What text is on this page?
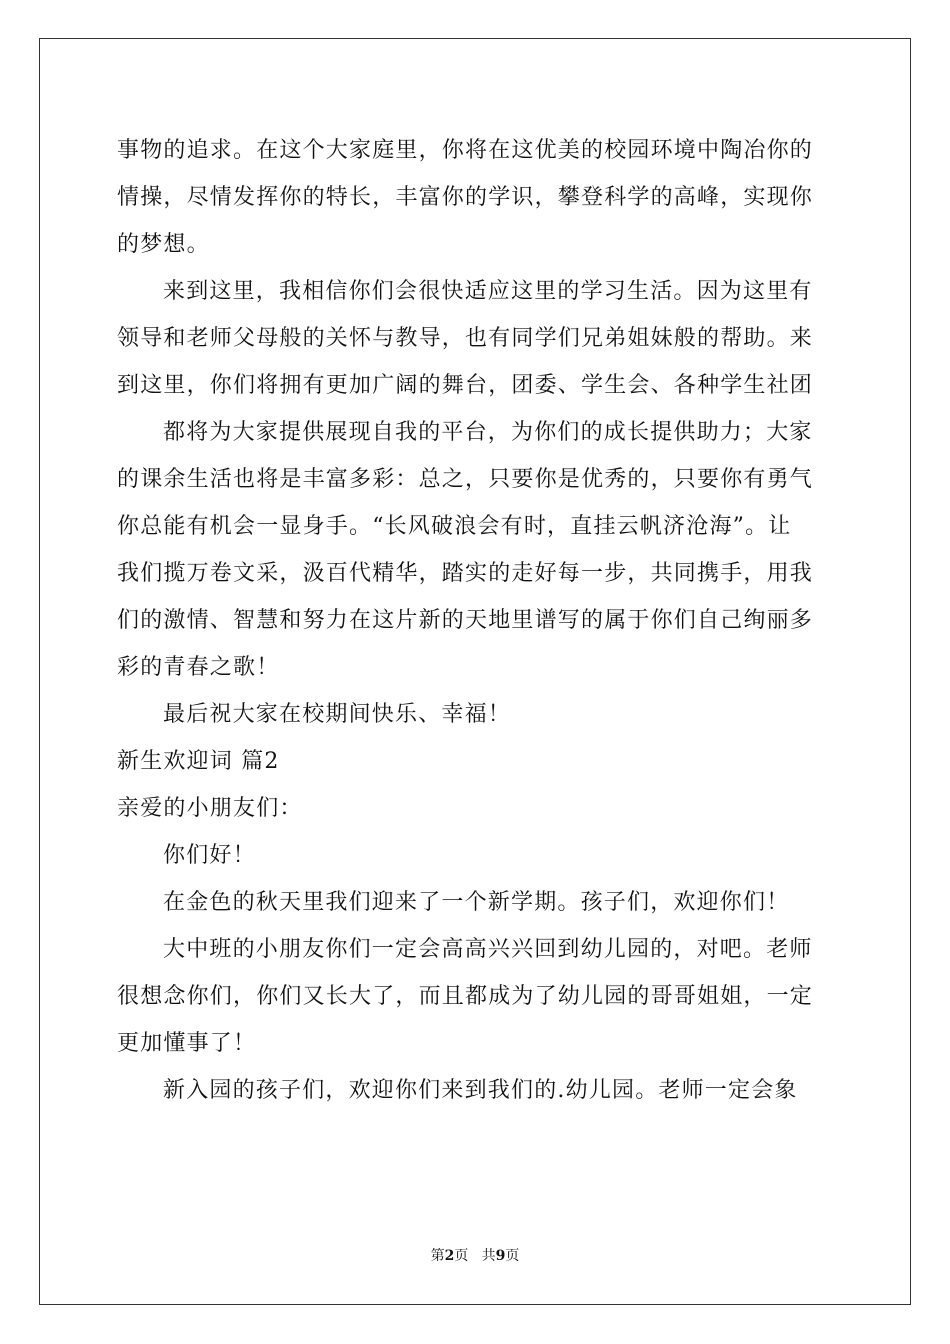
事物的追求。在这个大家庭里，你将在这优美的校园环境中陶冶你的
情操，尽情发挥你的特长，丰富你的学识，攀登科学的高峰，实现你
的梦想。
来到这里，我相信你们会很快适应这里的学习生活。因为这里有
领导和老师父母般的关怀与教导，也有同学们兄弟姐妹般的帮助。来
到这里，你们将拥有更加广阔的舞台，团委、学生会、各种学生社团
都将为大家提供展现自我的平台，为你们的成长提供助力；大家
的课余生活也将是丰富多彩：总之，只要你是优秀的，只要你有勇气
你总能有机会一显身手。“长风破浪会有时，直挂云帆济沧海”。让
我们揽万卷文采，汲百代精华，踏实的走好每一步，共同携手，用我
们的激情、智慧和努力在这片新的天地里谱写的属于你们自己绚丽多
彩的青春之歌！
最后祝大家在校期间快乐、幸福！
新生欢迎词 篇2
亲爱的小朋友们：
你们好！
在金色的秋天里我们迎来了一个新学期。孩子们，欢迎你们！
大中班的小朋友你们一定会高高兴兴回到幼儿园的，对吧。老师
很想念你们，你们又长大了，而且都成为了幼儿园的哥哥姐姐，一定
更加懂事了！
新入园的孩子们，欢迎你们来到我们的.幼儿园。老师一定会象
第2页 共9页
